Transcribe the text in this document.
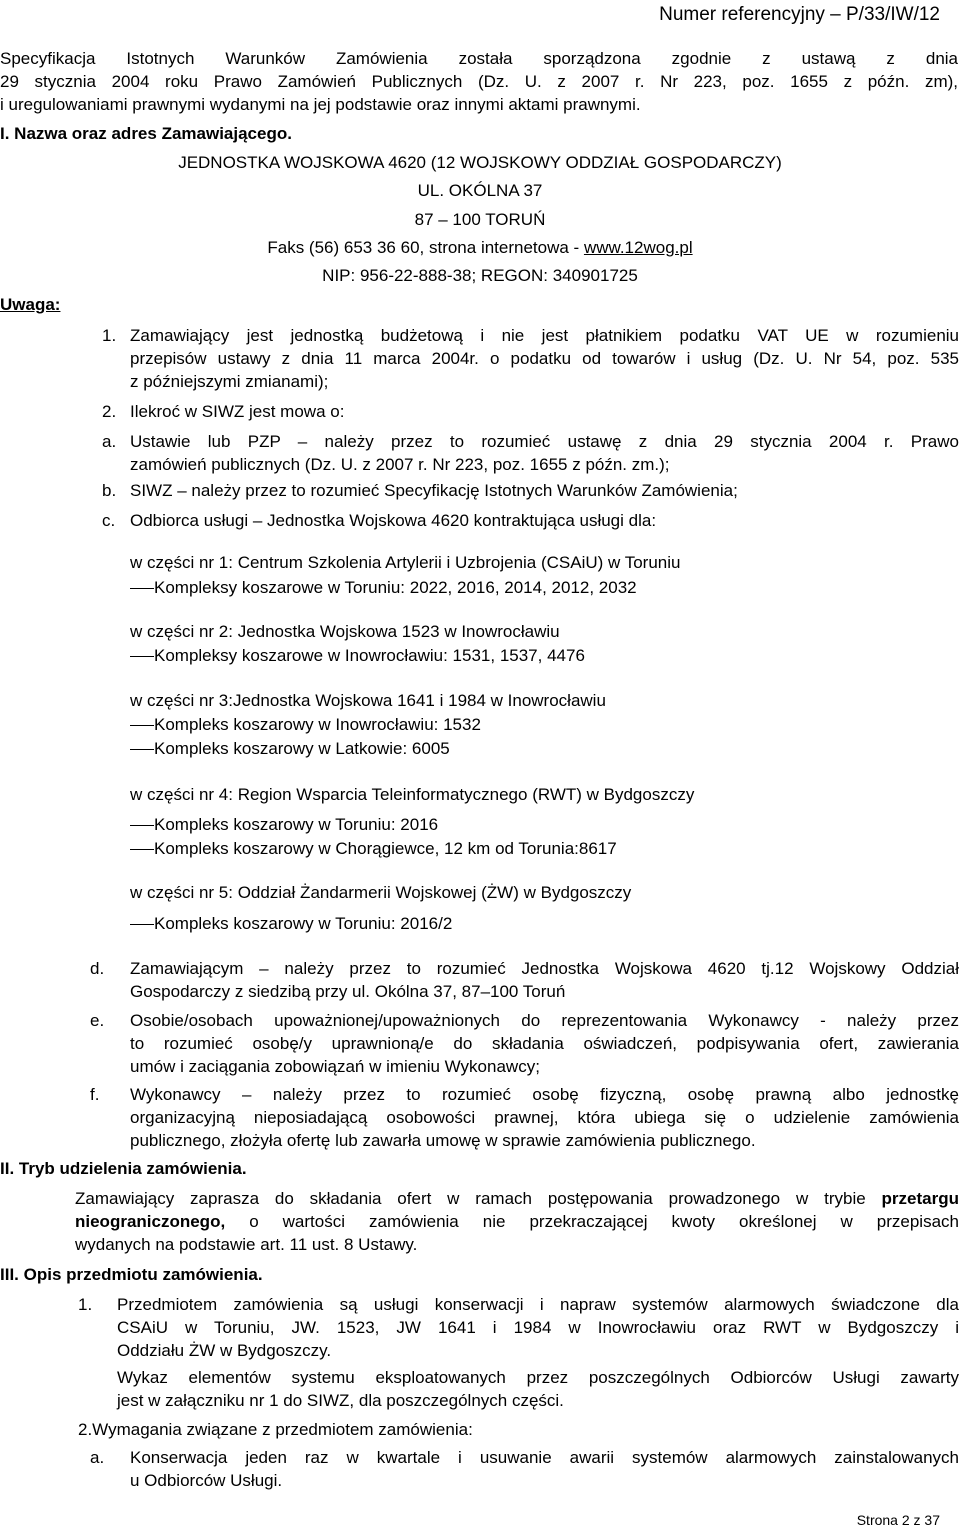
Numer referencyjny – P/33/IW/12
Specyfikacja Istotnych Warunków Zamówienia została sporządzona zgodnie z ustawą z dnia
29 stycznia 2004 roku Prawo Zamówień Publicznych (Dz. U. z 2007 r. Nr 223, poz. 1655 z późn. zm),
i uregulowaniami prawnymi wydanymi na jej podstawie oraz innymi aktami prawnymi.
I. Nazwa oraz adres Zamawiającego.
JEDNOSTKA WOJSKOWA 4620 (12 WOJSKOWY ODDZIAŁ GOSPODARCZY)
UL. OKÓLNA 37
87 – 100 TORUŃ
Faks (56) 653 36 60, strona internetowa - www.12wog.pl
NIP: 956-22-888-38; REGON: 340901725
Uwaga:
1. Zamawiający jest jednostką budżetową i nie jest płatnikiem podatku VAT UE w rozumieniu
przepisów ustawy z dnia 11 marca 2004r. o podatku od towarów i usług (Dz. U. Nr 54, poz. 535
z późniejszymi zmianami);
2. Ilekroć w SIWZ jest mowa o:
a. Ustawie lub PZP – należy przez to rozumieć ustawę z dnia 29 stycznia 2004 r. Prawo
zamówień publicznych (Dz. U. z 2007 r. Nr 223, poz. 1655 z późn. zm.);
b. SIWZ – należy przez to rozumieć Specyfikację Istotnych Warunków Zamówienia;
c. Odbiorca usługi – Jednostka Wojskowa 4620 kontraktująca usługi dla:
w części nr 1: Centrum Szkolenia Artylerii i Uzbrojenia (CSAiU) w Toruniu
Kompleksy koszarowe w Toruniu: 2022, 2016, 2014, 2012, 2032
w części nr 2: Jednostka Wojskowa 1523 w Inowrocławiu
Kompleksy koszarowe w Inowrocławiu: 1531, 1537, 4476
w części nr 3:Jednostka Wojskowa 1641 i 1984 w Inowrocławiu
Kompleks koszarowy w Inowrocławiu: 1532
Kompleks koszarowy w Latkowie: 6005
w części nr 4: Region Wsparcia Teleinformatycznego (RWT) w Bydgoszczy
Kompleks koszarowy w Toruniu: 2016
Kompleks koszarowy w Chorągiewce, 12 km od Torunia:8617
w części nr 5: Oddział Żandarmerii Wojskowej (ŻW) w Bydgoszczy
Kompleks koszarowy w Toruniu: 2016/2
d. Zamawiającym – należy przez to rozumieć Jednostka Wojskowa 4620 tj.12 Wojskowy Oddział
Gospodarczy z siedzibą przy ul. Okólna 37, 87–100 Toruń
e. Osobie/osobach upoważnionej/upoważnionych do reprezentowania Wykonawcy - należy przez
to rozumieć osobę/y uprawnioną/e do składania oświadczeń, podpisywania ofert, zawierania
umów i zaciągania zobowiązań w imieniu Wykonawcy;
f. Wykonawcy – należy przez to rozumieć osobę fizyczną, osobę prawną albo jednostkę
organizacyjną nieposiadającą osobowości prawnej, która ubiega się o udzielenie zamówienia
publicznego, złożyła ofertę lub zawarła umowę w sprawie zamówienia publicznego.
II. Tryb udzielenia zamówienia.
Zamawiający zaprasza do składania ofert w ramach postępowania prowadzonego w trybie przetargu
nieograniczonego, o wartości zamówienia nie przekraczającej kwoty określonej w przepisach
wydanych na podstawie art. 11 ust. 8 Ustawy.
III. Opis przedmiotu zamówienia.
1. Przedmiotem zamówienia są usługi konserwacji i napraw systemów alarmowych świadczone dla
CSAiU w Toruniu, JW. 1523, JW 1641 i 1984 w Inowrocławiu oraz RWT w Bydgoszczy i
Oddziału ŻW w Bydgoszczy.
Wykaz elementów systemu eksploatowanych przez poszczególnych Odbiorców Usługi zawarty
jest w załączniku nr 1 do SIWZ, dla poszczególnych części.
2.Wymagania związane z przedmiotem zamówienia:
a. Konserwacja jeden raz w kwartale i usuwanie awarii systemów alarmowych zainstalowanych
u Odbiorców Usługi.
Strona 2 z 37
